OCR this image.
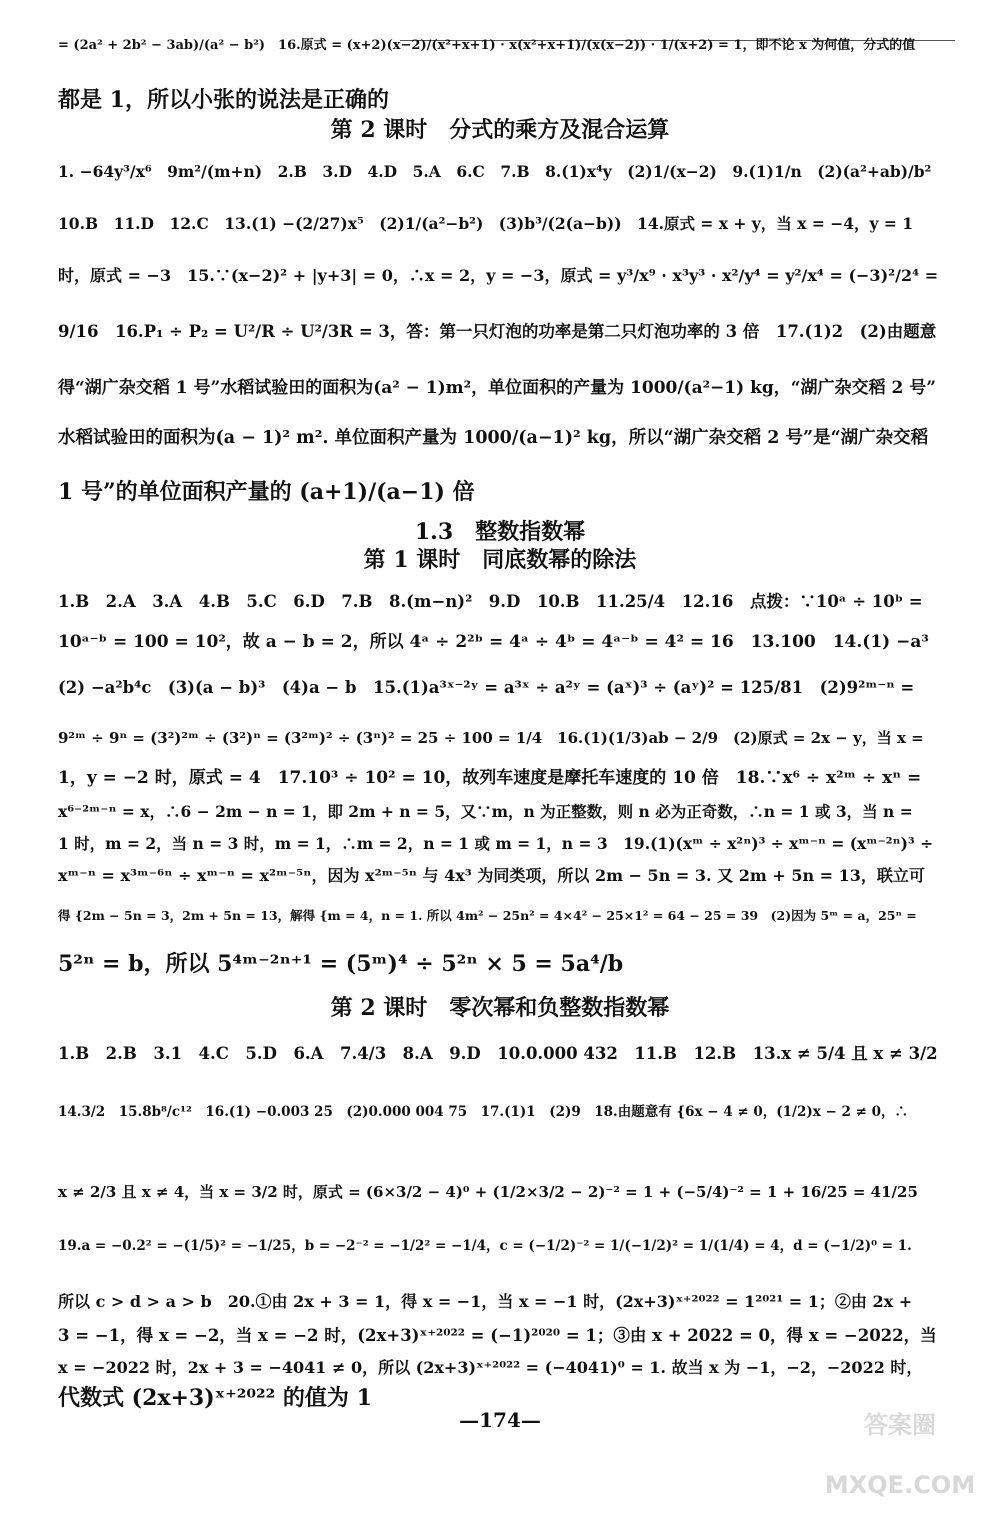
= (2a² + 2b² − 3ab)/(a² − b²)　16.原式 = (x+2)(x−2)/(x²+x+1) · x(x²+x+1)/(x(x−2)) · 1/(x+2) = 1，即不论 x 为何值，分式的值
都是 1，所以小张的说法是正确的
第 2 课时　分式的乘方及混合运算
1. −64y³/x⁶　9m²/(m+n)　2.B　3.D　4.D　5.A　6.C　7.B　8.(1)x⁴y　(2)1/(x−2)　9.(1)1/n　(2)(a²+ab)/b²
10.B　11.D　12.C　13.(1) −(2/27)x⁵　(2)1/(a²−b²)　(3)b³/(2(a−b))　14.原式 = x + y，当 x = −4，y = 1
时，原式 = −3　15.∵(x−2)² + |y+3| = 0，∴x = 2，y = −3，原式 = y³/x⁹ · x³y³ · x²/y⁴ = y²/x⁴ = (−3)²/2⁴ =
9/16　16.P₁ ÷ P₂ = U²/R ÷ U²/3R = 3，答：第一只灯泡的功率是第二只灯泡功率的 3 倍　17.(1)2　(2)由题意
得“湖广杂交稻 1 号”水稻试验田的面积为(a² − 1)m²，单位面积的产量为 1000/(a²−1) kg，“湖广杂交稻 2 号”
水稻试验田的面积为(a − 1)² m². 单位面积产量为 1000/(a−1)² kg，所以“湖广杂交稻 2 号”是“湖广杂交稻
1 号”的单位面积产量的 (a+1)/(a−1) 倍
1.3　整数指数幂
第 1 课时　同底数幂的除法
1.B　2.A　3.A　4.B　5.C　6.D　7.B　8.(m−n)²　9.D　10.B　11.25/4　12.16　点拨：∵10ᵃ ÷ 10ᵇ =
10ᵃ⁻ᵇ = 100 = 10²，故 a − b = 2，所以 4ᵃ ÷ 2²ᵇ = 4ᵃ ÷ 4ᵇ = 4ᵃ⁻ᵇ = 4² = 16　13.100　14.(1) −a³
(2) −a²b⁴c　(3)(a − b)³　(4)a − b　15.(1)a³ˣ⁻²ʸ = a³ˣ ÷ a²ʸ = (aˣ)³ ÷ (aʸ)² = 125/81　(2)9²ᵐ⁻ⁿ =
9²ᵐ ÷ 9ⁿ = (3²)²ᵐ ÷ (3²)ⁿ = (3²ᵐ)² ÷ (3ⁿ)² = 25 ÷ 100 = 1/4　16.(1)(1/3)ab − 2/9　(2)原式 = 2x − y，当 x =
1，y = −2 时，原式 = 4　17.10³ ÷ 10² = 10，故列车速度是摩托车速度的 10 倍　18.∵x⁶ ÷ x²ᵐ ÷ xⁿ =
x⁶⁻²ᵐ⁻ⁿ = x，∴6 − 2m − n = 1，即 2m + n = 5，又∵m，n 为正整数，则 n 必为正奇数，∴n = 1 或 3，当 n =
1 时，m = 2，当 n = 3 时，m = 1，∴m = 2，n = 1 或 m = 1，n = 3　19.(1)(xᵐ ÷ x²ⁿ)³ ÷ xᵐ⁻ⁿ = (xᵐ⁻²ⁿ)³ ÷
xᵐ⁻ⁿ = x³ᵐ⁻⁶ⁿ ÷ xᵐ⁻ⁿ = x²ᵐ⁻⁵ⁿ，因为 x²ᵐ⁻⁵ⁿ 与 4x³ 为同类项，所以 2m − 5n = 3. 又 2m + 5n = 13，联立可
得 {2m − 5n = 3，2m + 5n = 13，解得 {m = 4，n = 1. 所以 4m² − 25n² = 4×4² − 25×1² = 64 − 25 = 39　(2)因为 5ᵐ = a，25ⁿ =
5²ⁿ = b，所以 5⁴ᵐ⁻²ⁿ⁺¹ = (5ᵐ)⁴ ÷ 5²ⁿ × 5 = 5a⁴/b
第 2 课时　零次幂和负整数指数幂
1.B　2.B　3.1　4.C　5.D　6.A　7.4/3　8.A　9.D　10.0.000 432　11.B　12.B　13.x ≠ 5/4 且 x ≠ 3/2
14.3/2　15.8b⁸/c¹²　16.(1) −0.003 25　(2)0.000 004 75　17.(1)1　(2)9　18.由题意有 {6x − 4 ≠ 0，(1/2)x − 2 ≠ 0，∴
x ≠ 2/3 且 x ≠ 4，当 x = 3/2 时，原式 = (6×3/2 − 4)⁰ + (1/2×3/2 − 2)⁻² = 1 + (−5/4)⁻² = 1 + 16/25 = 41/25
19.a = −0.2² = −(1/5)² = −1/25，b = −2⁻² = −1/2² = −1/4，c = (−1/2)⁻² = 1/(−1/2)² = 1/(1/4) = 4，d = (−1/2)⁰ = 1.
所以 c > d > a > b　20.①由 2x + 3 = 1，得 x = −1，当 x = −1 时，(2x+3)ˣ⁺²⁰²² = 1²⁰²¹ = 1；②由 2x +
3 = −1，得 x = −2，当 x = −2 时，(2x+3)ˣ⁺²⁰²² = (−1)²⁰²⁰ = 1；③由 x + 2022 = 0，得 x = −2022，当
x = −2022 时，2x + 3 = −4041 ≠ 0，所以 (2x+3)ˣ⁺²⁰²² = (−4041)⁰ = 1. 故当 x 为 −1，−2，−2022 时，
代数式 (2x+3)ˣ⁺²⁰²² 的值为 1
—174—	答案圈 MXQE.COM
